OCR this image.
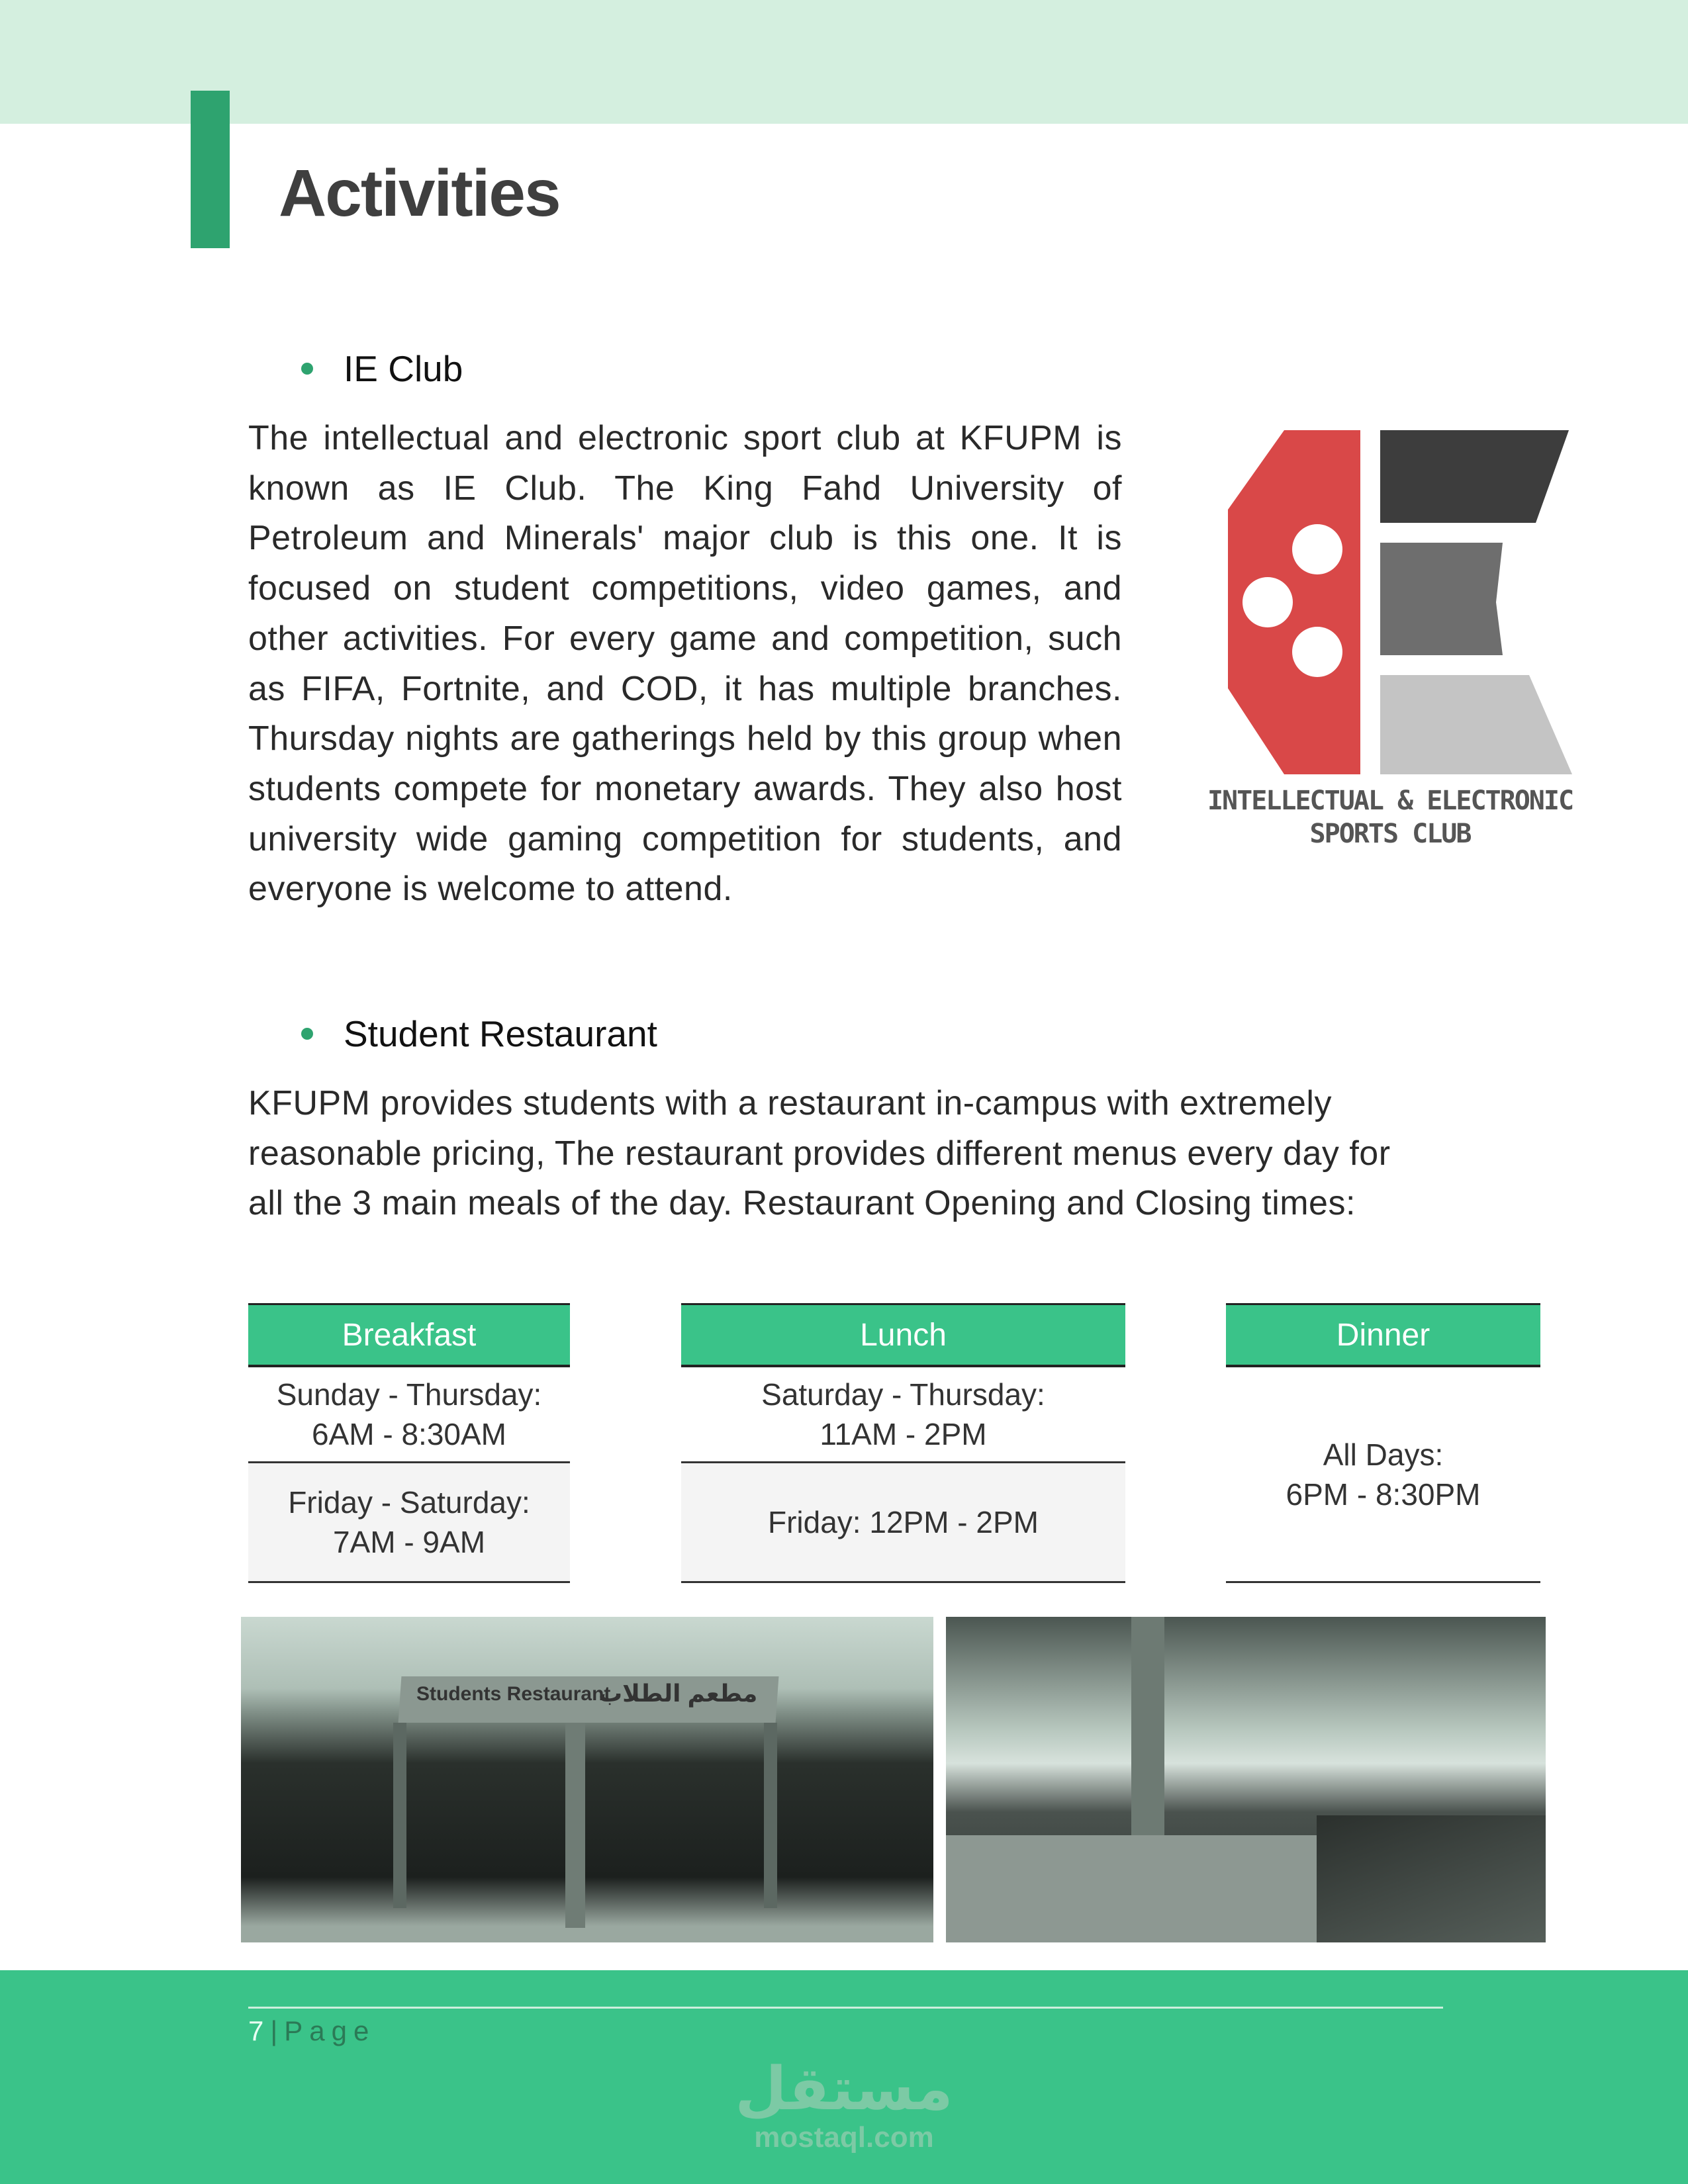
Activities
IE Club
The intellectual and electronic sport club at KFUPM is known as IE Club. The King Fahd University of Petroleum and Minerals' major club is this one. It is focused on student competitions, video games, and other activities. For every game and competition, such as FIFA, Fortnite, and COD, it has multiple branches. Thursday nights are gatherings held by this group when students compete for monetary awards. They also host university wide gaming competition for students, and everyone is welcome to attend.
INTELLECTUAL & ELECTRONIC
SPORTS CLUB
Student Restaurant
KFUPM provides students with a restaurant in-campus with extremely reasonable pricing, The restaurant provides different menus every day for all the 3 main meals of the day. Restaurant Opening and Closing times:
Breakfast
Sunday - Thursday:
6AM - 8:30AM
Friday - Saturday:
7AM - 9AM
Lunch
Saturday - Thursday:
11AM - 2PM
Friday: 12PM - 2PM
Dinner
All Days:
6PM - 8:30PM
Students Restaurant
مطعم الطلاب
7|Page
مستقل
mostaql.com
